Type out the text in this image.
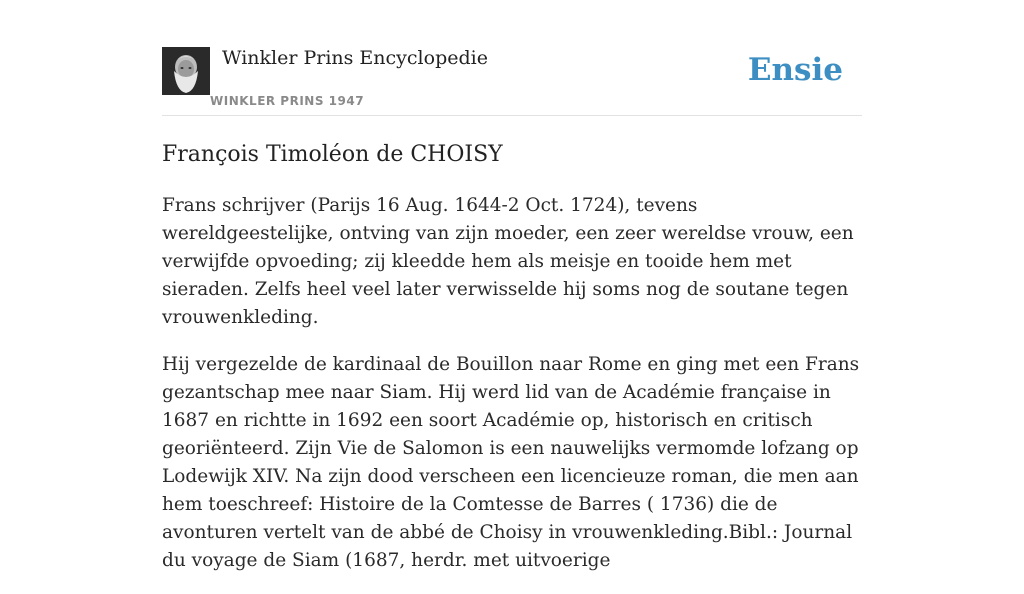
Winkler Prins Encyclopedie
WINKLER PRINS 1947
Ensie
François Timoléon de CHOISY

Frans schrijver (Parijs 16 Aug. 1644-2 Oct. 1724), tevens wereldgeestelijke, ontving van zijn moeder, een zeer wereldse vrouw, een verwijfde opvoeding; zij kleedde hem als meisje en tooide hem met sieraden. Zelfs heel veel later verwisselde hij soms nog de soutane tegen vrouwenkleding.

Hij vergezelde de kardinaal de Bouillon naar Rome en ging met een Frans gezantschap mee naar Siam. Hij werd lid van de Académie française in 1687 en richtte in 1692 een soort Académie op, historisch en critisch georiënteerd. Zijn Vie de Salomon is een nauwelijks vermomde lofzang op Lodewijk XIV. Na zijn dood verscheen een licencieuze roman, die men aan hem toeschreef: Histoire de la Comtesse de Barres ( 1736) die de avonturen vertelt van de abbé de Choisy in vrouwenkleding.Bibl.: Journal du voyage de Siam (1687, herdr. met uitvoerige
